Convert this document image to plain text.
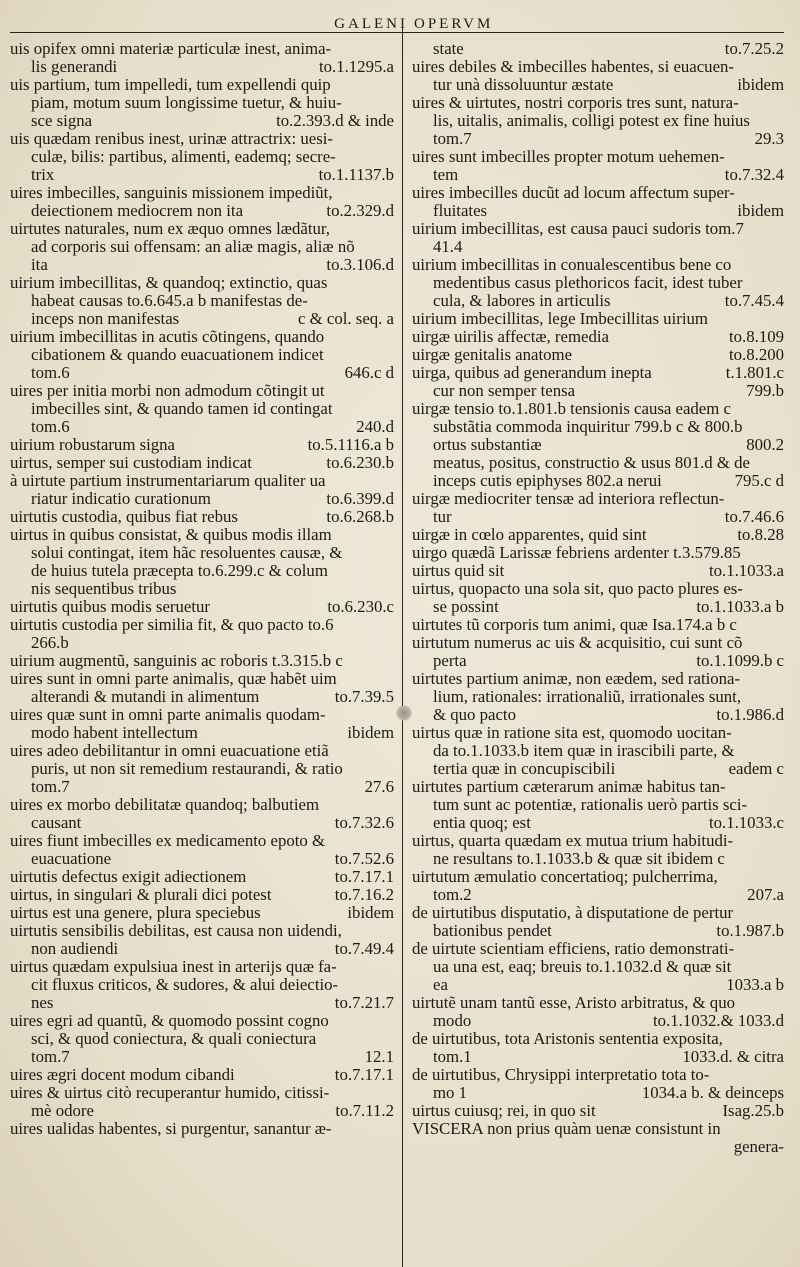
GALENI OPERVM
uis opifex omni materiæ particulæ inest, anima-
lis generandi	to.1.1295.a
uis partium, tum impelledi, tum expellendi quip
piam, motum suum longissime tuetur, & huiu-
sce signa	to.2.393.d & inde
uis quædam renibus inest, urinæ attractrix: uesi-
culæ, bilis: partibus, alimenti, eademq; secre-
trix	to.1.1137.b
uires imbecilles, sanguinis missionem impediũt,
deiectionem mediocrem non ita	to.2.329.d
uirtutes naturales, num ex æquo omnes lædãtur,
ad corporis sui offensam: an aliæ magis, aliæ nõ
ita	to.3.106.d
uirium imbecillitas, & quandoq; extinctio, quas
habeat causas to.6.645.a b manifestas de-
inceps non manifestas	c & col. seq. a
uirium imbecillitas in acutis cõtingens, quando
cibationem & quando euacuationem indicet
tom.6	646.c d
uires per initia morbi non admodum cõtingit ut
imbecilles sint, & quando tamen id contingat
tom.6	240.d
uirium robustarum signa	to.5.1116.a b
uirtus, semper sui custodiam indicat	to.6.230.b
à uirtute partium instrumentariarum qualiter ua
riatur indicatio curationum	to.6.399.d
uirtutis custodia, quibus fiat rebus	to.6.268.b
uirtus in quibus consistat, & quibus modis illam
solui contingat, item hãc resoluentes causæ, &
de huius tutela præcepta to.6.299.c & colum
nis sequentibus tribus
uirtutis quibus modis seruetur	to.6.230.c
uirtutis custodia per similia fit, & quo pacto to.6
266.b
uirium augmentũ, sanguinis ac roboris t.3.315.b c
uires sunt in omni parte animalis, quæ habẽt uim
alterandi & mutandi in alimentum	to.7.39.5
uires quæ sunt in omni parte animalis quodam-
modo habent intellectum	ibidem
uires adeo debilitantur in omni euacuatione etiã
puris, ut non sit remedium restaurandi, & ratio
tom.7	27.6
uires ex morbo debilitatæ quandoq; balbutiem
causant	to.7.32.6
uires fiunt imbecilles ex medicamento epoto &
euacuatione	to.7.52.6
uirtutis defectus exigit adiectionem	to.7.17.1
uirtus, in singulari & plurali dici potest	to.7.16.2
uirtus est una genere, plura speciebus	ibidem
uirtutis sensibilis debilitas, est causa non uidendi,
non audiendi	to.7.49.4
uirtus quædam expulsiua inest in arterijs quæ fa-
cit fluxus criticos, & sudores, & alui deiectio-
nes	to.7.21.7
uires egri ad quantũ, & quomodo possint cogno
sci, & quod coniectura, & quali coniectura
tom.7	12.1
uires ægri docent modum cibandi	to.7.17.1
uires & uirtus citò recuperantur humido, citissi-
mè odore	to.7.11.2
uires ualidas habentes, si purgentur, sanantur æ-
state	to.7.25.2
uires debiles & imbecilles habentes, si euacuen-
tur unà dissoluuntur æstate	ibidem
uires & uirtutes, nostri corporis tres sunt, natura-
lis, uitalis, animalis, colligi potest ex fine huius
tom.7	29.3
uires sunt imbecilles propter motum uehemen-
tem	to.7.32.4
uires imbecilles ducũt ad locum affectum super-
fluitates	ibidem
uirium imbecillitas, est causa pauci sudoris tom.7
41.4
uirium imbecillitas in conualescentibus bene co
medentibus casus plethoricos facit, idest tuber
cula, & labores in articulis	to.7.45.4
uirium imbecillitas, lege Imbecillitas uirium
uirgæ uirilis affectæ, remedia	to.8.109
uirgæ genitalis anatome	to.8.200
uirga, quibus ad generandum inepta	t.1.801.c
cur non semper tensa	799.b
uirgæ tensio to.1.801.b tensionis causa eadem c
substãtia commoda inquiritur 799.b c & 800.b
ortus substantiæ	800.2
meatus, positus, constructio & usus 801.d & de
inceps cutis epiphyses 802.a nerui	795.c d
uirgæ mediocriter tensæ ad interiora reflectun-
tur	to.7.46.6
uirgæ in cœlo apparentes, quid sint	to.8.28
uirgo quædã Larissæ febriens ardenter t.3.579.85
uirtus quid sit	to.1.1033.a
uirtus, quopacto una sola sit, quo pacto plures es-
se possint	to.1.1033.a b
uirtutes tũ corporis tum animi, quæ Isa.174.a b c
uirtutum numerus ac uis & acquisitio, cui sunt cõ
perta	to.1.1099.b c
uirtutes partium animæ, non eædem, sed rationa-
lium, rationales: irrationaliũ, irrationales sunt,
& quo pacto	to.1.986.d
uirtus quæ in ratione sita est, quomodo uocitan-
da to.1.1033.b item quæ in irascibili parte, &
tertia quæ in concupiscibili	eadem c
uirtutes partium cæterarum animæ habitus tan-
tum sunt ac potentiæ, rationalis uerò partis sci-
entia quoq; est	to.1.1033.c
uirtus, quarta quædam ex mutua trium habitudi-
ne resultans to.1.1033.b & quæ sit ibidem c
uirtutum æmulatio concertatioq; pulcherrima,
tom.2	207.a
de uirtutibus disputatio, à disputatione de pertur
bationibus pendet	to.1.987.b
de uirtute scientiam efficiens, ratio demonstrati-
ua una est, eaq; breuis to.1.1032.d & quæ sit
ea	1033.a b
uirtutẽ unam tantũ esse, Aristo arbitratus, & quo
modo	to.1.1032.& 1033.d
de uirtutibus, tota Aristonis sententia exposita,
tom.1	1033.d. & citra
de uirtutibus, Chrysippi interpretatio tota to-
mo 1	1034.a b. & deinceps
uirtus cuiusq; rei, in quo sit	Isag.25.b
VISCERA non prius quàm uenæ consistunt in
genera-
